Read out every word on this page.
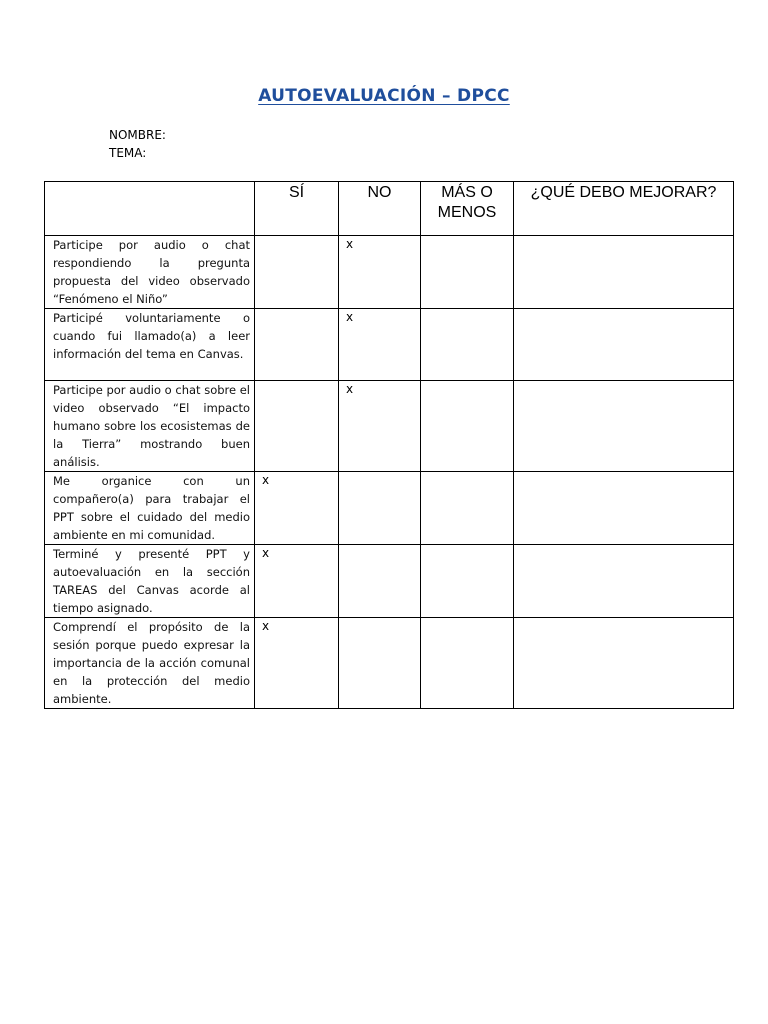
AUTOEVALUACIÓN – DPCC
NOMBRE:
TEMA:
	SÍ	NO	MÁS O MENOS	¿QUÉ DEBO MEJORAR?
Participe por audio o chat respondiendo la pregunta propuesta del video observado “Fenómeno el Niño”		x		
Participé voluntariamente o cuando fui llamado(a) a leer información del tema en Canvas.		x		
Participe por audio o chat sobre el video observado “El impacto humano sobre los ecosistemas de la Tierra” mostrando buen análisis.		x		
Me organice con un compañero(a) para trabajar el PPT sobre el cuidado del medio ambiente en mi comunidad.	x			
Terminé y presenté PPT y autoevaluación en la sección TAREAS del Canvas acorde al tiempo asignado.	x			
Comprendí el propósito de la sesión porque puedo expresar la importancia de la acción comunal en la protección del medio ambiente.	x			
